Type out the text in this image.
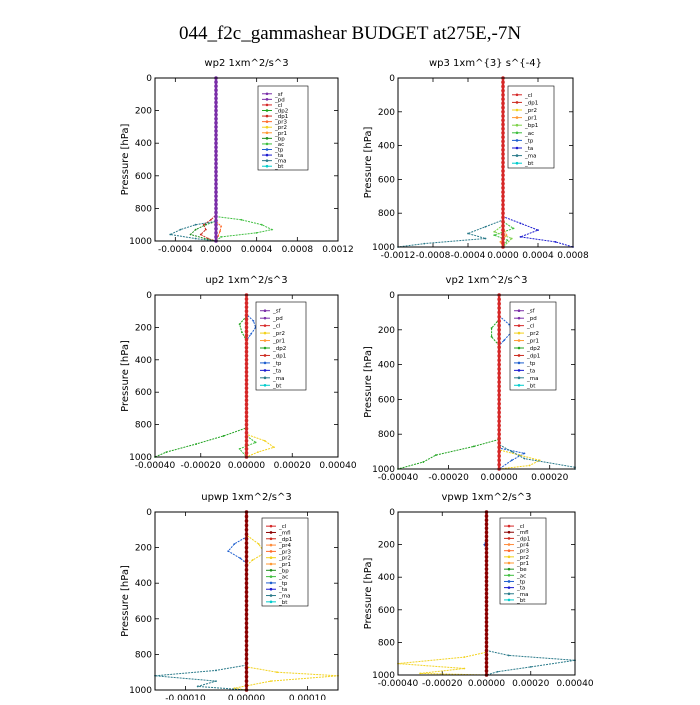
044_f2c_gammashear BUDGET at275E,-7N
wp2 1xm^2/s^3
Pressure [hPa]
0
200
400
600
800
1000
-0.0004 0.0000 0.0004 0.0008 0.0012
_sf
_pd
_cl
_dp2
_dp1
_pr3
_pr2
_pr1
_bp
_ac
_tp
_ta
_ma
_bt
wp3 1xm^{3} s^{-4}
Pressure [hPa]
0
200
400
600
800
1000
-0.0012 -0.0008 -0.0004 0.0000 0.0004 0.0008
_cl
_dp1
_pr2
_pr1
_bp1
_ac
_tp
_ta
_ma
_bt
up2 1xm^2/s^3
Pressure [hPa]
0
200
400
600
800
1000
-0.00040 -0.00020 0.00000 0.00020 0.00040
_sf
_pd
_cl
_pr2
_pr1
_dp2
_dp1
_tp
_ta
_ma
_bt
vp2 1xm^2/s^3
Pressure [hPa]
0
200
400
600
800
1000
-0.00040 -0.00020 0.00000 0.00020
_sf
_pd
_cl
_pr2
_pr1
_dp2
_dp1
_tp
_ta
_ma
_bt
upwp 1xm^2/s^3
Pressure [hPa]
0
200
400
600
800
1000
-0.00010 0.00000	0.00010
_cl
_mfl
_dp1
_pr4
_pr3
_pr2
_pr1
_bp
_ac
_tp
_ta
_ma
_bt
vpwp 1xm^2/s^3
Pressure [hPa]
0
200
400
600
800
1000
-0.00040 -0.00020 0.00000 0.00020 0.00040
_cl
_mfl
_dp1
_pr4
_pr3
_pr2
_pr1
_be
_ac
_tp
_ta
_ma
_bt
